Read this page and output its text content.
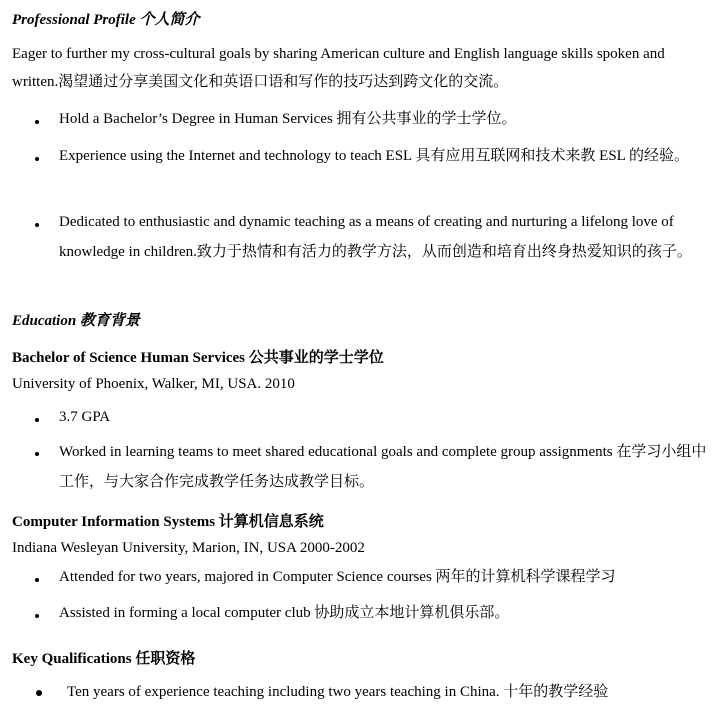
Professional Profile 个人简介
Eager to further my cross-cultural goals by sharing American culture and English language skills spoken and
written.渴望通过分享美国文化和英语口语和写作的技巧达到跨文化的交流。
Hold a Bachelor’s Degree in Human Services 拥有公共事业的学士学位。
Experience using the Internet and technology to teach ESL 具有应用互联网和技术来教 ESL 的经验。
Dedicated to enthusiastic and dynamic teaching as a means of creating and nurturing a lifelong love of knowledge in children.致力于热情和有活力的教学方法，从而创造和培育出终身热爱知识的孩子。
Education 教育背景
Bachelor of Science Human Services 公共事业的学士学位
University of Phoenix, Walker, MI, USA. 2010
3.7 GPA
Worked in learning teams to meet shared educational goals and complete group assignments 在学习小组中工作，与大家合作完成教学任务达成教学目标。
Computer Information Systems 计算机信息系统
Indiana Wesleyan University, Marion, IN, USA 2000-2002
Attended for two years, majored in Computer Science courses 两年的计算机科学课程学习
Assisted in forming a local computer club 协助成立本地计算机俱乐部。
Key Qualifications 任职资格
Ten years of experience teaching including two years teaching in China. 十年的教学经验
